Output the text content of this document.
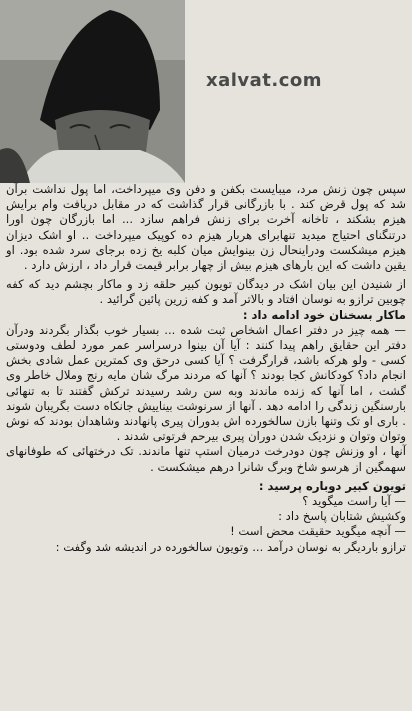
xalvat.com

سپس چون زنش مرد، میبایست بکفن و دفن وی میپرداخت، اما پول نداشت برآن شد که پول قرض کند . با بازرگانی قرار گذاشت که در مقابل دریافت وام برایش هیزم بشکند ، تاخانه آخرت برای زنش فراهم سازد ... اما بازرگان چون اورا درتنگنای احتیاج میدید تنهابرای هربار هیزم ده کوپیک میپرداخت .. او اشک دیزان هیزم میشکست ودراینحال زن بینوایش میان کلبه یخ زده برجای سرد شده بود. او یقین داشت که این بارهای هیزم بیش از چهار برابر قیمت قرار داد ، ارزش دارد .

از شنیدن این بیان اشک در دیدگان تویون کبیر حلقه زد و ماکار بچشم دید که کفه چوبین ترازو به نوسان افتاد و بالاتر آمد و کفه زرین پائین گرائید .

ماکار بسخنان خود ادامه داد :

— همه چیز در دفتر اعمال اشخاص ثبت شده ... بسیار خوب بگذار بگردند ودرآن دفتر این حقایق راهم پیدا کنند : آیا آن بینوا درسراسر عمر مورد لطف ودوستی کسی - ولو هرکه باشد، قرارگرفت ؟ آیا کسی درحق وی کمترین عمل شادی بخش انجام داد؟ کودکانش کجا بودند ؟ آنها که مردند مرگ شان مایه رنج وملال خاطر وی گشت ، اما آنها که زنده ماندند وبه سن رشد رسیدند ترکش گفتند تا به تنهائی بارسنگین زندگی را ادامه دهد . آنها از سرنوشت بیناییش جانکاه دست بگریبان شوند . باری او تک وتنها بازن سالخورده اش بدوران پیری پانهادند وشاهدان بودند که نوش وتوان وتوان و نزدیک شدن دوران پیری بیرحم فرتوتی شدند .

آنها ، او وزنش چون دودرخت درمیان استپ تنها ماندند. تک درختهائی که طوفانهای سهمگین از هرسو شاخ وبرگ شانرا درهم میشکست .

تویون کبیر دوباره پرسید :

— آیا راست میگوید ؟

وکشیش شتابان پاسخ داد :

— آنچه میگوید حقیقت محض است !

ترازو باردیگر به نوسان درآمد ... وتویون سالخورده در اندیشه شد وگفت :
